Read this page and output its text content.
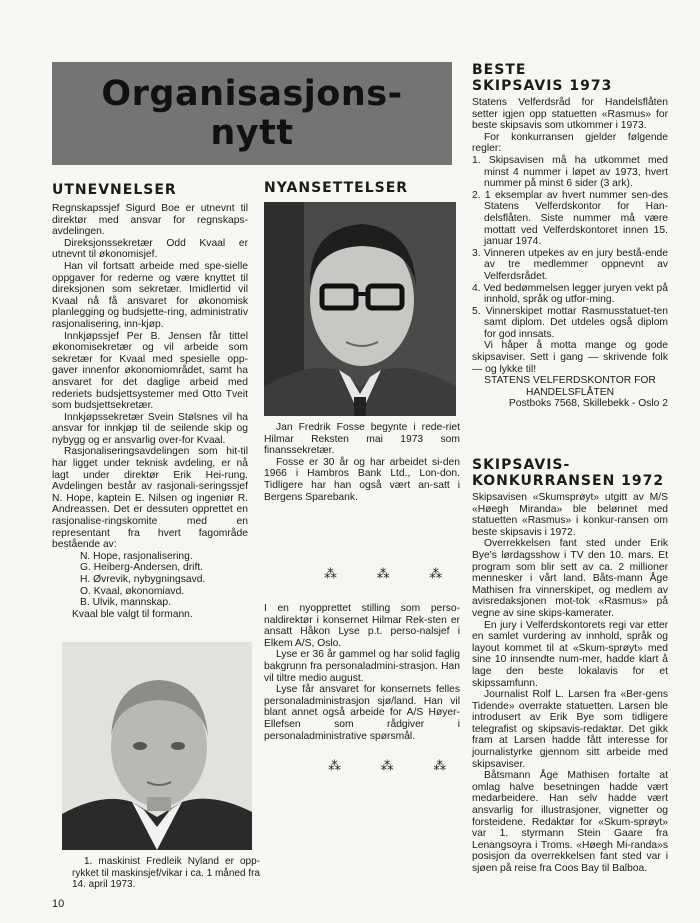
Organisasjons-
nytt
UTNEVNELSER

Regnskapssjef Sigurd Boe er utnevnt til direktør med ansvar for regnskaps-avdelingen.

Direksjonssekretær Odd Kvaal er utnevnt til økonomisjef.

Han vil fortsatt arbeide med spe-sielle oppgaver for rederne og være knyttet til direksjonen som sekretær. Imidlertid vil Kvaal nå få ansvaret for økonomisk planlegging og budsjette-ring, administrativ rasjonalisering, inn-kjøp.

Innkjøpssjef Per B. Jensen får tittel økonomisekretær og vil arbeide som sekretær for Kvaal med spesielle opp-gaver innenfor økonomiområdet, samt ha ansvaret for det daglige arbeid med rederiets budsjettsystemer med Otto Tveit som budsjettsekretær.

Innkjøpssekretær Svein Stølsnes vil ha ansvar for innkjøp til de seilende skip og nybygg og er ansvarlig over-for Kvaal.

Rasjonaliseringsavdelingen som hit-til har ligget under teknisk avdeling, er nå lagt under direktør Erik Hei-rung. Avdelingen består av rasjonali-seringssjef N. Hope, kaptein E. Nilsen og ingeniør R. Andreassen. Det er dessuten opprettet en rasjonalise-ringskomite med en representant fra hvert fagområde bestående av:

N. Hope, rasjonalisering.
G. Heiberg-Andersen, drift.
H. Øvrevik, nybygningsavd.
O. Kvaal, økonomiavd.
B. Ulvik, mannskap.

Kvaal ble valgt til formann.

1. maskinist Fredleik Nyland er opp-rykket til maskinsjef/vikar i ca. 1 måned fra 14. april 1973.

NYANSETTELSER

Jan Fredrik Fosse begynte i rede-riet Hilmar Reksten mai 1973 som finanssekretær.

Fosse er 30 år og har arbeidet si-den 1966 i Hambros Bank Ltd., Lon-don. Tidligere har han også vært an-satt i Bergens Sparebank.

⁂ ⁂ ⁂

I en nyopprettet stilling som perso-naldirektør i konsernet Hilmar Rek-sten er ansatt Håkon Lyse p.t. perso-nalsjef i Elkem A/S, Oslo.

Lyse er 36 år gammel og har solid faglig bakgrunn fra personaladmini-strasjon. Han vil tiltre medio august.

Lyse får ansvaret for konsernets felles personaladministrasjon sjø/land. Han vil blant annet også arbeide for A/S Høyer-Ellefsen som rådgiver i personaladministrative spørsmål.

⁂ ⁂ ⁂
BESTE
SKIPSAVIS 1973

Statens Velferdsråd for Handelsflåten setter igjen opp statuetten «Rasmus» for beste skipsavis som utkommer i 1973.

For konkurransen gjelder følgende regler:

1. Skipsavisen må ha utkommet med minst 4 nummer i løpet av 1973, hvert nummer på minst 6 sider (3 ark).
2. 1 eksemplar av hvert nummer sen-des Statens Velferdskontor for Han-delsflåten. Siste nummer må være mottatt ved Velferdskontoret innen 15. januar 1974.
3. Vinneren utpekes av en jury bestå-ende av tre medlemmer oppnevnt av Velferdsrådet.
4. Ved bedømmelsen legger juryen vekt på innhold, språk og utfor-ming.
5. Vinnerskipet mottar Rasmusstatuet-ten samt diplom. Det utdeles også diplom for god innsats.

Vi håper å motta mange og gode skipsaviser. Sett i gang — skrivende folk — og lykke til!

STATENS VELFERDSKONTOR FOR
HANDELSFLÅTEN
Postboks 7568, Skillebekk - Oslo 2
SKIPSAVIS-
KONKURRANSEN 1972

Skipsavisen «Skumsprøyt» utgitt av M/S «Høegh Miranda» ble belønnet med statuetten «Rasmus» i konkur-ransen om beste skipsavis i 1972.

Overrekkelsen fant sted under Erik Bye's lørdagsshow i TV den 10. mars. Et program som blir sett av ca. 2 millioner mennesker i vårt land. Båts-mann Åge Mathisen fra vinnerskipet, og medlem av avisredaksjonen mot-tok «Rasmus» på vegne av sine skips-kamerater.

En jury i Velferdskontorets regi var etter en samlet vurdering av innhold, språk og layout kommet til at «Skum-sprøyt» med sine 10 innsendte num-mer, hadde klart å lage den beste lokalavis for et skipssamfunn.

Journalist Rolf L. Larsen fra «Ber-gens Tidende» overrakte statuetten. Larsen ble introdusert av Erik Bye som tidligere telegrafist og skipsavis-redaktør. Det gikk fram at Larsen hadde fått interesse for journalistyrke gjennom sitt arbeide med skipsaviser.

Båtsmann Åge Mathisen fortalte at omlag halve besetningen hadde vært medarbeidere. Han selv hadde vært ansvarlig for illustrasjoner, vignetter og forsteidene. Redaktør for «Skum-sprøyt» var 1. styrmann Stein Gaare fra Lenangsoyra i Troms. «Høegh Mi-randa»s posisjon da overrekkelsen fant sted var i sjøen på reise fra Coos Bay til Balboa.

10
